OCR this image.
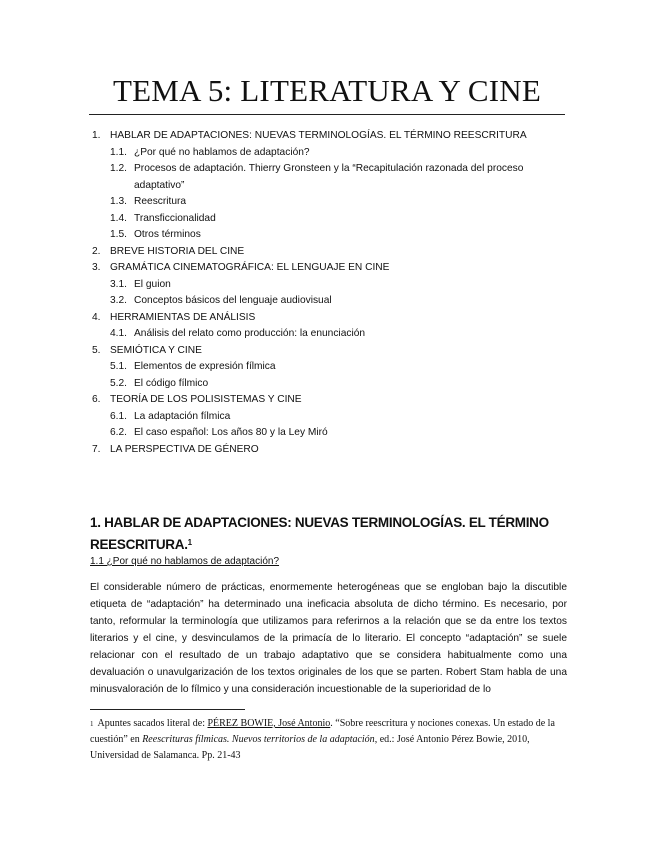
TEMA 5: LITERATURA Y CINE
1. HABLAR DE ADAPTACIONES: NUEVAS TERMINOLOGÍAS. EL TÉRMINO REESCRITURA
1.1. ¿Por qué no hablamos de adaptación?
1.2. Procesos de adaptación. Thierry Gronsteen y la “Recapitulación razonada del proceso adaptativo”
1.3. Reescritura
1.4. Transficcionalidad
1.5. Otros términos
2. BREVE HISTORIA DEL CINE
3. GRAMÁTICA CINEMATOGRÁFICA: EL LENGUAJE EN CINE
3.1. El guion
3.2. Conceptos básicos del lenguaje audiovisual
4. HERRAMIENTAS DE ANÁLISIS
4.1. Análisis del relato como producción: la enunciación
5. SEMIÓTICA Y CINE
5.1. Elementos de expresión fílmica
5.2. El código fílmico
6. TEORÍA DE LOS POLISISTEMAS Y CINE
6.1. La adaptación fílmica
6.2. El caso español: Los años 80 y la Ley Miró
7. LA PERSPECTIVA DE GÉNERO
1. HABLAR DE ADAPTACIONES: NUEVAS TERMINOLOGÍAS. EL TÉRMINO REESCRITURA.$^1$
1.1 ¿Por qué no hablamos de adaptación?

El considerable número de prácticas, enormemente heterogéneas que se engloban bajo la discutible etiqueta de “adaptación” ha determinado una ineficacia absoluta de dicho término. Es necesario, por tanto, reformular la terminología que utilizamos para referirnos a la relación que se da entre los textos literarios y el cine, y desvinculamos de la primacía de lo literario. El concepto “adaptación” se suele relacionar con el resultado de un trabajo adaptativo que se considera habitualmente como una devaluación o unavulgarización de los textos originales de los que se parten. Robert Stam habla de una minusvaloración de lo fílmico y una consideración incuestionable de la superioridad de lo

$^1$ Apuntes sacados literal de: PÉREZ BOWIE, José Antonio. “Sobre reescritura y nociones conexas. Un estado de la cuestión” en Reescrituras fílmicas. Nuevos territorios de la adaptación, ed.: José Antonio Pérez Bowie, 2010, Universidad de Salamanca. Pp. 21-43
